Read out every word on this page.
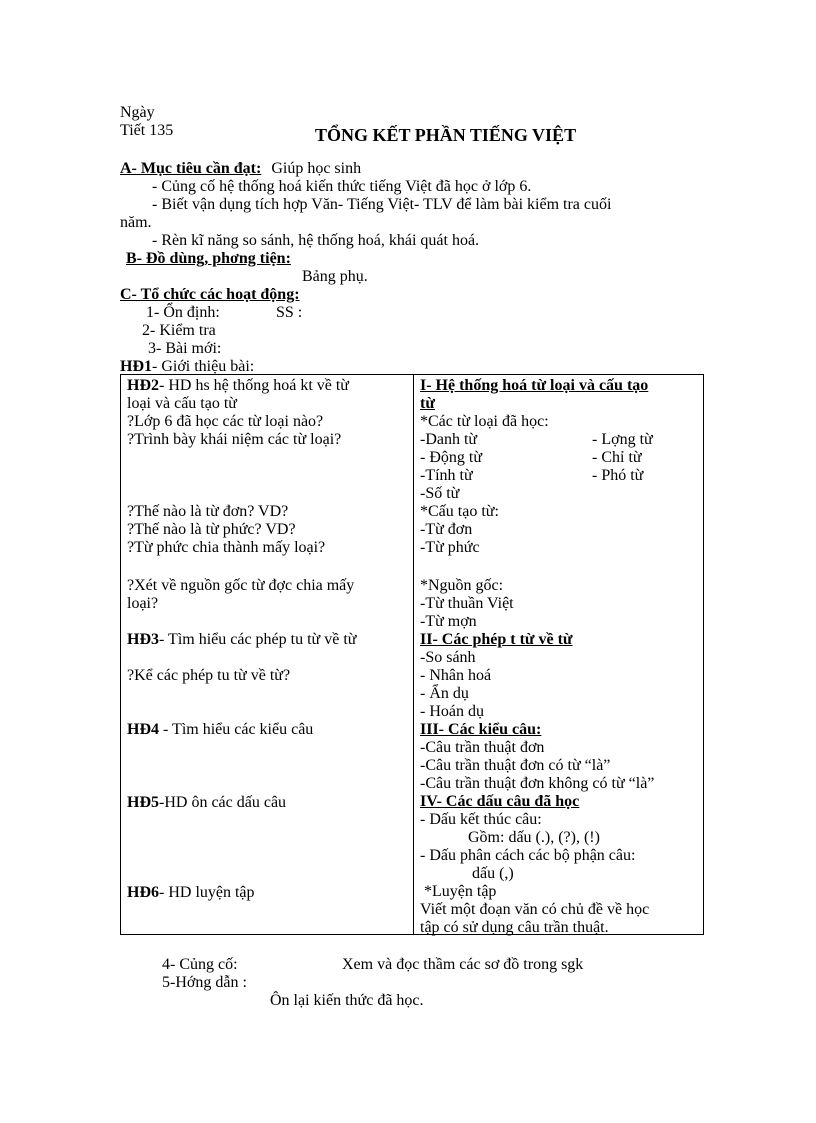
Ngày
Tiết 135	TỔNG KẾT PHẦN TIẾNG VIỆT
A- Mục tiêu cần đạt: Giúp học sinh
- Củng cố hệ thống hoá kiến thức tiếng Việt đã học ở lớp 6.
- Biết vận dụng tích hợp Văn- Tiếng Việt- TLV để làm bài kiểm tra cuối
năm.
- Rèn kĩ năng so sánh, hệ thống hoá, khái quát hoá.
B- Đồ dùng, phơng tiện:
Bảng phụ.
C- Tổ chức các hoạt động:
1- Ổn định:	SS :
2- Kiểm tra
3- Bài mới:
HĐ1- Giới thiệu bài:
HĐ2- HD hs hệ thống hoá kt về từ
loại và cấu tạo từ
?Lớp 6 đã học các từ loại nào?
?Trình bày khái niệm các từ loại?
?Thế nào là từ đơn? VD?
?Thế nào là từ phức? VD?
?Từ phức chia thành mấy loại?
?Xét về nguồn gốc từ đợc chia mấy
loại?
HĐ3- Tìm hiểu các phép tu từ về từ
?Kể các phép tu từ về từ?
HĐ4 - Tìm hiểu các kiểu câu
HĐ5-HD ôn các dấu câu
HĐ6- HD luyện tập

I- Hệ thống hoá từ loại và cấu tạo
từ
*Các từ loại đã học:
-Danh từ	- Lợng từ
- Động từ	- Chỉ từ
-Tính từ	- Phó từ
-Số từ
*Cấu tạo từ:
-Từ đơn
-Từ phức
*Nguồn gốc:
-Từ thuần Việt
-Từ mợn
II- Các phép t từ về từ
-So sánh
- Nhân hoá
- Ẩn dụ
- Hoán dụ
III- Các kiểu câu:
-Câu trần thuật đơn
-Câu trần thuật đơn có từ “là”
-Câu trần thuật đơn không có từ “là”
IV- Các dấu câu đã học
- Dấu kết thúc câu:
Gồm: dấu (.), (?), (!)
- Dấu phân cách các bộ phận câu:
dấu (,)
*Luyện tập
Viết một đoạn văn có chủ đề về học
tập có sử dụng câu trần thuật.
4- Củng cố:	Xem và đọc thầm các sơ đồ trong sgk
5-Hớng dẫn :
Ôn lại kiến thức đã học.
